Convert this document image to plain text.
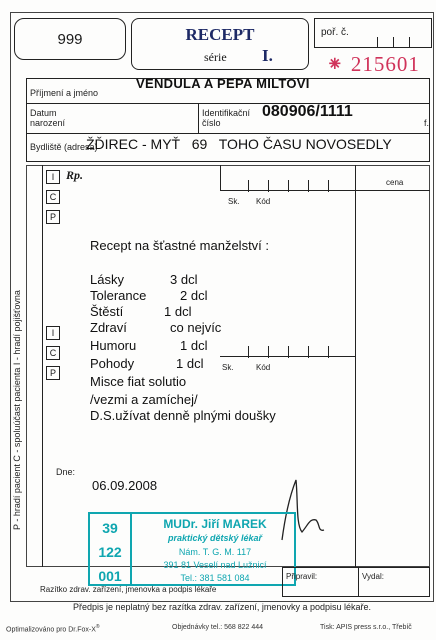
999	RECEPT
série I.
poř. č.
⁕ 215601
Příjmení a jméno
VENDULA A PEPA MILTOVI
Datum narození
Identifikační číslo
080906/1111
f.
Bydliště (adresa)
ŽĎIREC - MYŤ   69   TOHO ČASU NOVOSEDLY
cena
Sk. Kód
Rp.
I
C
P
I
C
P
Sk.	Kód
P - hradí pacient C - spoluúčast pacienta I - hradí pojišťovna
Recept na šťastné manželství :
Lásky	3 dcl
Tolerance	2 dcl
Štěstí	1 dcl
Zdraví	co nejvíc
Humoru	1 dcl
Pohody	1 dcl
Misce fiat solutio
/vezmi a zamíchej/
D.S.užívat denně plnými doušky
Dne:
06.09.2008
39
122
001
MUDr. Jiří MAREK
praktický dětský lékař
Nám. T. G. M. 117
391 81 Veselí nad Lužnicí
Tel.: 381 581 084	Připravil:	Vydal:
Razítko zdrav. zařízení, jmenovka a podpis lékaře
Předpis je neplatný bez razítka zdrav. zařízení, jmenovky a podpisu lékaře.
Optimalizováno pro Dr.Fox-X®	Objednávky tel.: 568 822 444	Tisk: APIS press s.r.o., Třebíč
